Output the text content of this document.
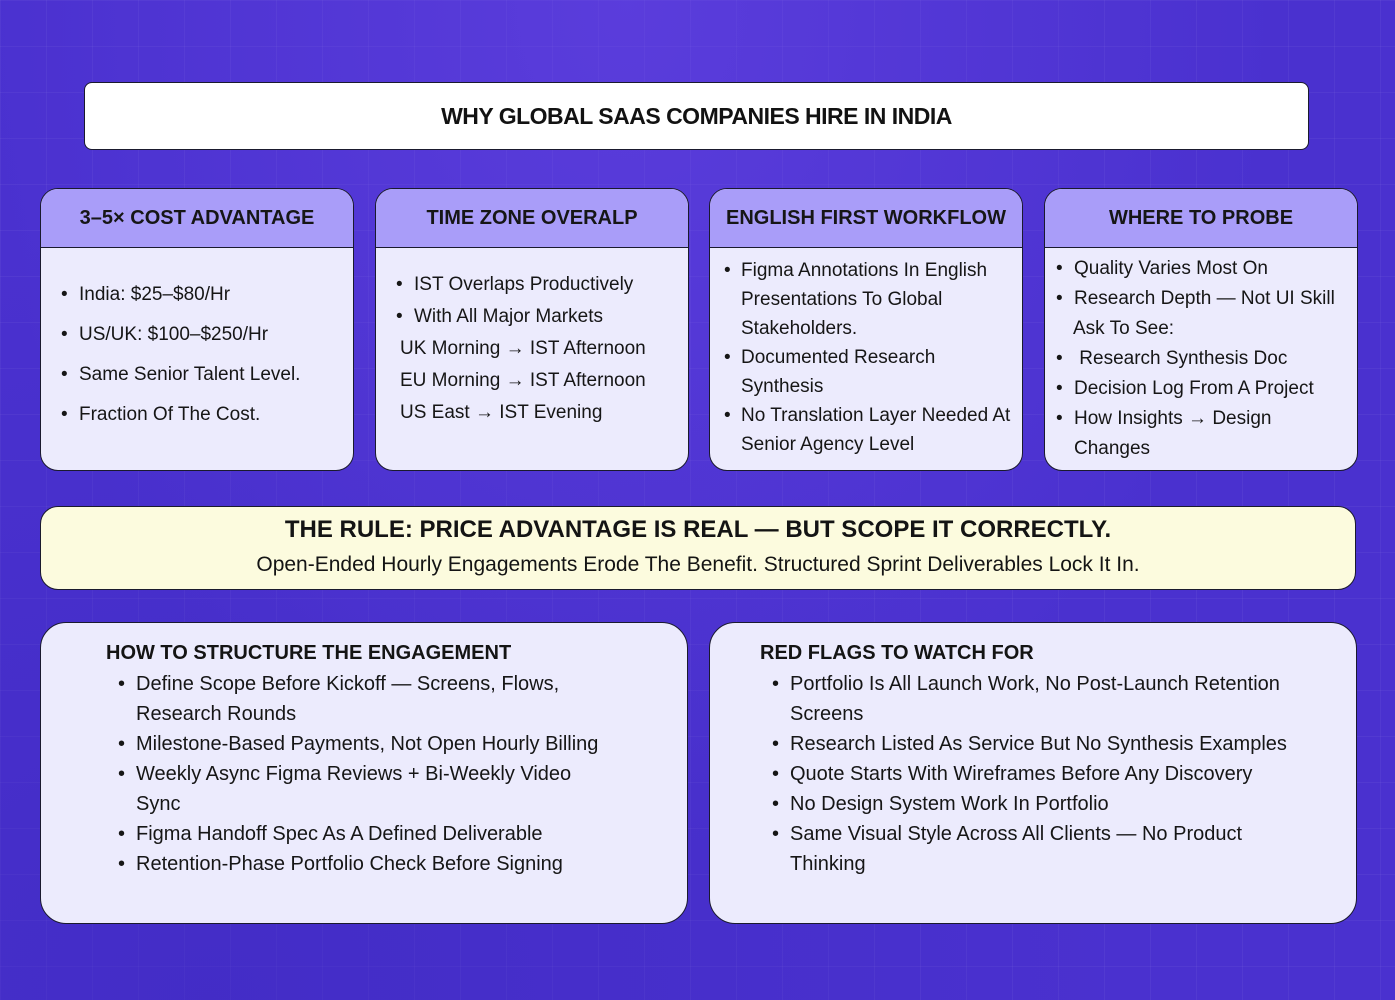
WHY GLOBAL SAAS COMPANIES HIRE IN INDIA
3–5× COST ADVANTAGE
• India: $25–$80/Hr
• US/UK: $100–$250/Hr
• Same Senior Talent Level.
• Fraction Of The Cost.
TIME ZONE OVERALP
• IST Overlaps Productively
• With All Major Markets
UK Morning → IST Afternoon
EU Morning → IST Afternoon
US East → IST Evening
ENGLISH FIRST WORKFLOW
• Figma Annotations In English Presentations To Global Stakeholders.
• Documented Research Synthesis
• No Translation Layer Needed At Senior Agency Level
WHERE TO PROBE
• Quality Varies Most On
• Research Depth — Not UI Skill
Ask To See:
•  Research Synthesis Doc
• Decision Log From A Project
• How Insights → Design Changes
THE RULE: PRICE ADVANTAGE IS REAL — BUT SCOPE IT CORRECTLY.
Open-Ended Hourly Engagements Erode The Benefit. Structured Sprint Deliverables Lock It In.
HOW TO STRUCTURE THE ENGAGEMENT
• Define Scope Before Kickoff — Screens, Flows, Research Rounds
• Milestone-Based Payments, Not Open Hourly Billing
• Weekly Async Figma Reviews + Bi-Weekly Video Sync
• Figma Handoff Spec As A Defined Deliverable
• Retention-Phase Portfolio Check Before Signing
RED FLAGS TO WATCH FOR
• Portfolio Is All Launch Work, No Post-Launch Retention Screens
• Research Listed As Service But No Synthesis Examples
• Quote Starts With Wireframes Before Any Discovery
• No Design System Work In Portfolio
• Same Visual Style Across All Clients — No Product Thinking
